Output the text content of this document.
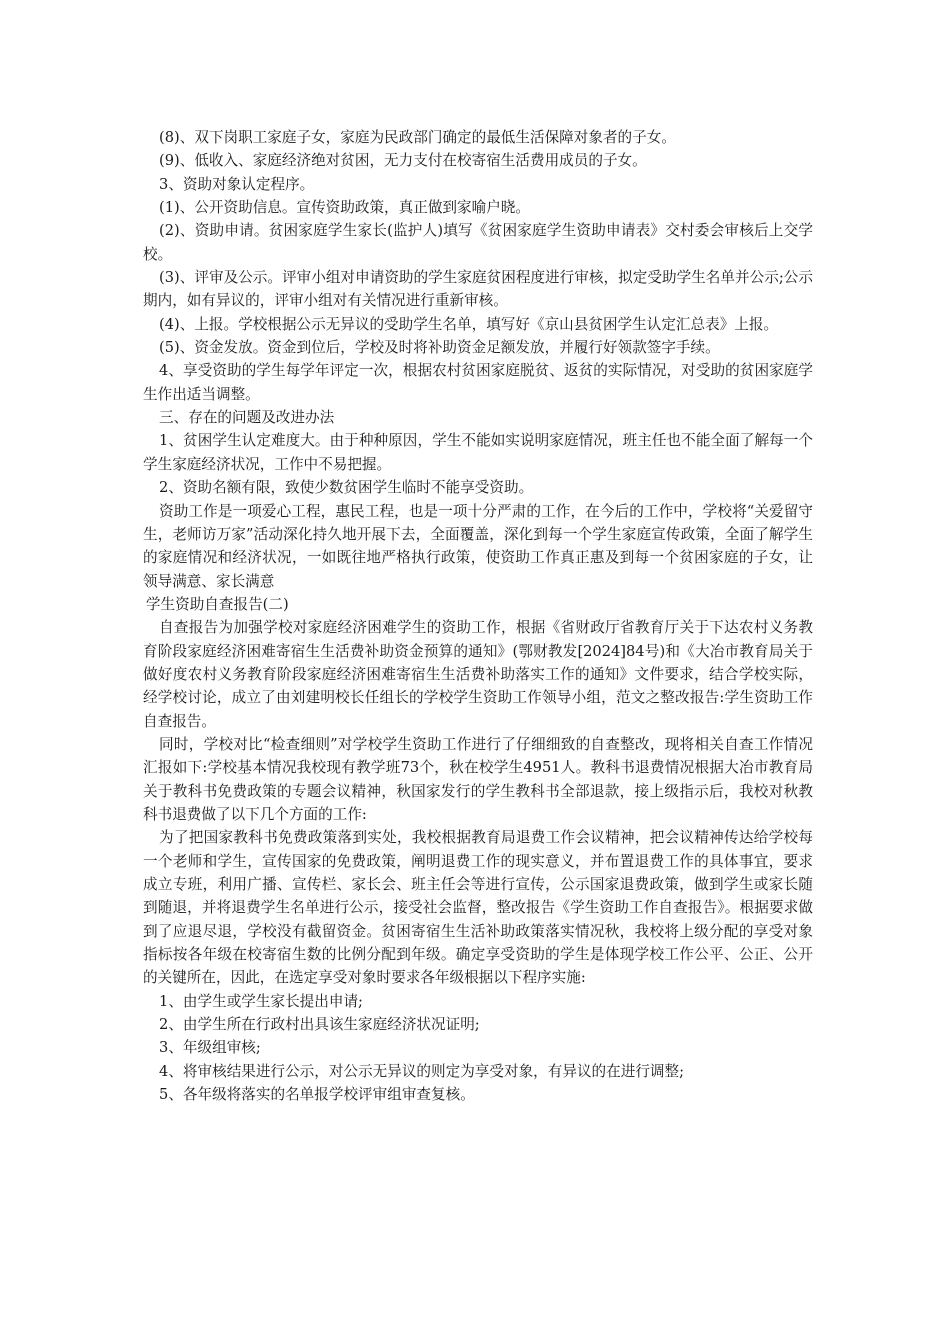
(8)、双下岗职工家庭子女，家庭为民政部门确定的最低生活保障对象者的子女。

(9)、低收入、家庭经济绝对贫困，无力支付在校寄宿生活费用成员的子女。

3、资助对象认定程序。

(1)、公开资助信息。宣传资助政策，真正做到家喻户晓。

(2)、资助申请。贫困家庭学生家长(监护人)填写《贫困家庭学生资助申请表》交村委会审核后上交学校。

(3)、评审及公示。评审小组对申请资助的学生家庭贫困程度进行审核，拟定受助学生名单并公示;公示期内，如有异议的，评审小组对有关情况进行重新审核。

(4)、上报。学校根据公示无异议的受助学生名单，填写好《京山县贫困学生认定汇总表》上报。

(5)、资金发放。资金到位后，学校及时将补助资金足额发放，并履行好领款签字手续。

4、享受资助的学生每学年评定一次，根据农村贫困家庭脱贫、返贫的实际情况，对受助的贫困家庭学生作出适当调整。

三、存在的问题及改进办法

1、贫困学生认定难度大。由于种种原因，学生不能如实说明家庭情况，班主任也不能全面了解每一个学生家庭经济状况，工作中不易把握。

2、资助名额有限，致使少数贫困学生临时不能享受资助。

资助工作是一项爱心工程，惠民工程，也是一项十分严肃的工作，在今后的工作中，学校将“关爱留守生，老师访万家”活动深化持久地开展下去，全面覆盖，深化到每一个学生家庭宣传政策，全面了解学生的家庭情况和经济状况，一如既往地严格执行政策，使资助工作真正惠及到每一个贫困家庭的子女，让领导满意、家长满意

学生资助自查报告(二)

自查报告为加强学校对家庭经济困难学生的资助工作，根据《省财政厅省教育厅关于下达农村义务教育阶段家庭经济困难寄宿生生活费补助资金预算的通知》(鄂财教发[2024]84号)和《大冶市教育局关于做好度农村义务教育阶段家庭经济困难寄宿生生活费补助落实工作的通知》文件要求，结合学校实际，经学校讨论，成立了由刘建明校长任组长的学校学生资助工作领导小组，范文之整改报告:学生资助工作自查报告。

同时，学校对比“检查细则”对学校学生资助工作进行了仔细细致的自查整改，现将相关自查工作情况汇报如下:学校基本情况我校现有教学班73个，秋在校学生4951人。教科书退费情况根据大冶市教育局关于教科书免费政策的专题会议精神，秋国家发行的学生教科书全部退款，接上级指示后，我校对秋教科书退费做了以下几个方面的工作:

为了把国家教科书免费政策落到实处，我校根据教育局退费工作会议精神，把会议精神传达给学校每一个老师和学生，宣传国家的免费政策，阐明退费工作的现实意义，并布置退费工作的具体事宜，要求成立专班，利用广播、宣传栏、家长会、班主任会等进行宣传，公示国家退费政策，做到学生或家长随到随退，并将退费学生名单进行公示，接受社会监督，整改报告《学生资助工作自查报告》。根据要求做到了应退尽退，学校没有截留资金。贫困寄宿生生活补助政策落实情况秋，我校将上级分配的享受对象指标按各年级在校寄宿生数的比例分配到年级。确定享受资助的学生是体现学校工作公平、公正、公开的关键所在，因此，在选定享受对象时要求各年级根据以下程序实施:

1、由学生或学生家长提出申请;

2、由学生所在行政村出具该生家庭经济状况证明;

3、年级组审核;

4、将审核结果进行公示，对公示无异议的则定为享受对象，有异议的在进行调整;

5、各年级将落实的名单报学校评审组审查复核。
